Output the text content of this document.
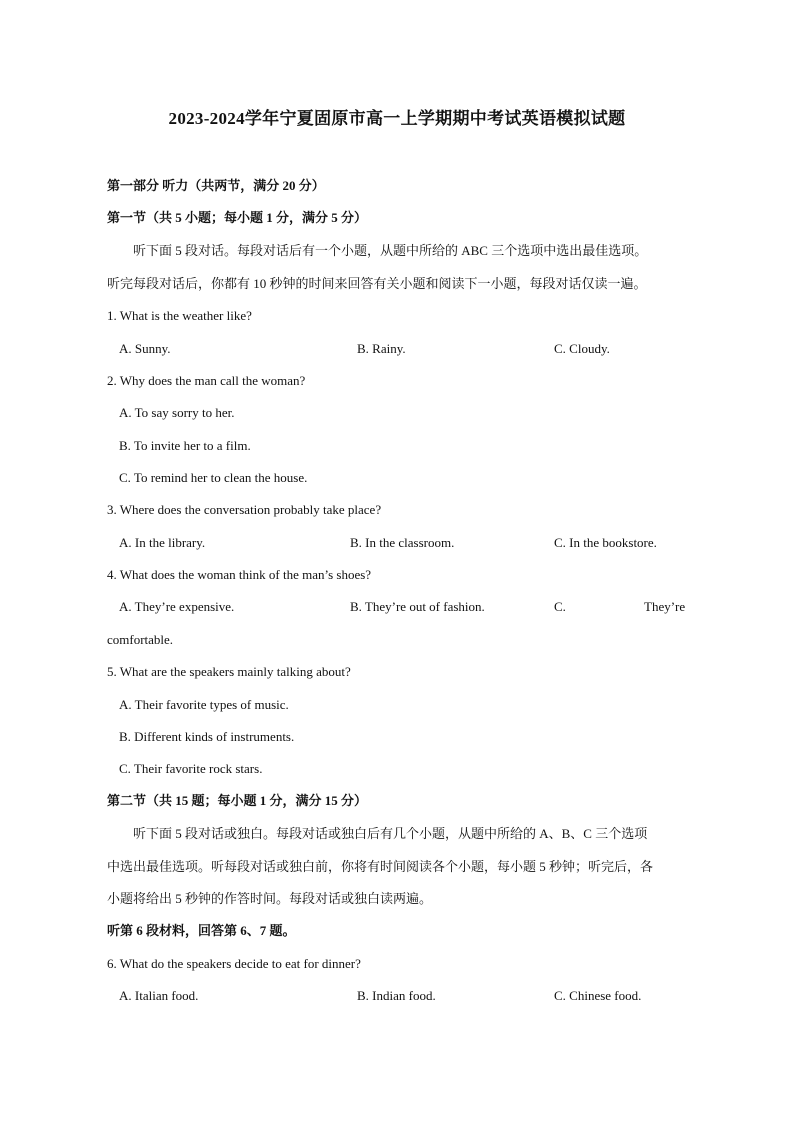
2023-2024学年宁夏固原市高一上学期期中考试英语模拟试题
第一部分 听力（共两节，满分 20 分）
第一节（共 5 小题；每小题 1 分，满分 5 分）
听下面 5 段对话。每段对话后有一个小题，从题中所给的 ABC 三个选项中选出最佳选项。
听完每段对话后，你都有 10 秒钟的时间来回答有关小题和阅读下一小题，每段对话仅读一遍。
1. What is the weather like?
A. Sunny.	B. Rainy.	C. Cloudy.
2. Why does the man call the woman?
A. To say sorry to her.
B. To invite her to a film.
C. To remind her to clean the house.
3. Where does the conversation probably take place?
A. In the library.	B. In the classroom.	C. In the bookstore.
4. What does the woman think of the man’s shoes?
A. They’re expensive.	B. They’re out of fashion.	C.	They’re
comfortable.
5. What are the speakers mainly talking about?
A. Their favorite types of music.
B. Different kinds of instruments.
C. Their favorite rock stars.
第二节（共 15 题；每小题 1 分，满分 15 分）
听下面 5 段对话或独白。每段对话或独白后有几个小题，从题中所给的 A、B、C 三个选项
中选出最佳选项。听每段对话或独白前，你将有时间阅读各个小题，每小题 5 秒钟；听完后，各
小题将给出 5 秒钟的作答时间。每段对话或独白读两遍。
听第 6 段材料，回答第 6、7 题。
6. What do the speakers decide to eat for dinner?
A. Italian food.	B. Indian food.	C. Chinese food.
